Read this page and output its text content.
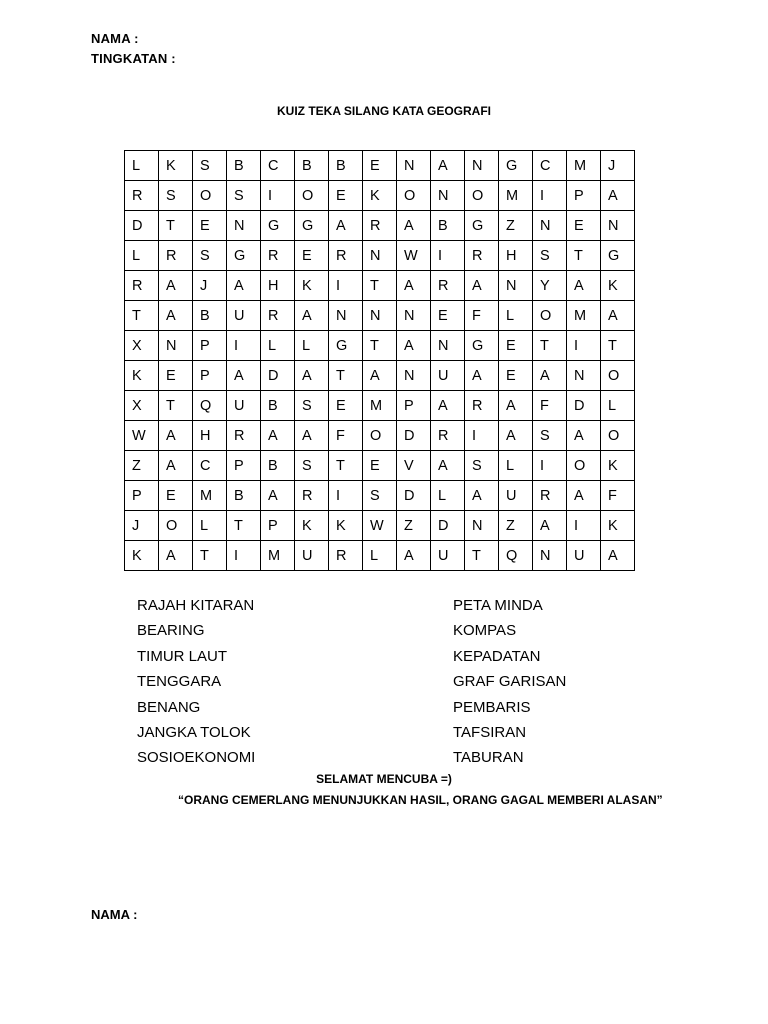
NAMA :
TINGKATAN :
KUIZ TEKA SILANG KATA GEOGRAFI
L	K	S	B	C	B	B	E	N	A	N	G	C	M	J
R	S	O	S	I	O	E	K	O	N	O	M	I	P	A
D	T	E	N	G	G	A	R	A	B	G	Z	N	E	N
L	R	S	G	R	E	R	N	W	I	R	H	S	T	G
R	A	J	A	H	K	I	T	A	R	A	N	Y	A	K
T	A	B	U	R	A	N	N	N	E	F	L	O	M	A
X	N	P	I	L	L	G	T	A	N	G	E	T	I	T
K	E	P	A	D	A	T	A	N	U	A	E	A	N	O
X	T	Q	U	B	S	E	M	P	A	R	A	F	D	L
W	A	H	R	A	A	F	O	D	R	I	A	S	A	O
Z	A	C	P	B	S	T	E	V	A	S	L	I	O	K
P	E	M	B	A	R	I	S	D	L	A	U	R	A	F
J	O	L	T	P	K	K	W	Z	D	N	Z	A	I	K
K	A	T	I	M	U	R	L	A	U	T	Q	N	U	A
RAJAH KITARAN
BEARING
TIMUR LAUT
TENGGARA
BENANG
JANGKA TOLOK
SOSIOEKONOMI
PETA MINDA
KOMPAS
KEPADATAN
GRAF GARISAN
PEMBARIS
TAFSIRAN
TABURAN
SELAMAT MENCUBA =)
“ORANG CEMERLANG MENUNJUKKAN HASIL, ORANG GAGAL MEMBERI ALASAN”
NAMA :
